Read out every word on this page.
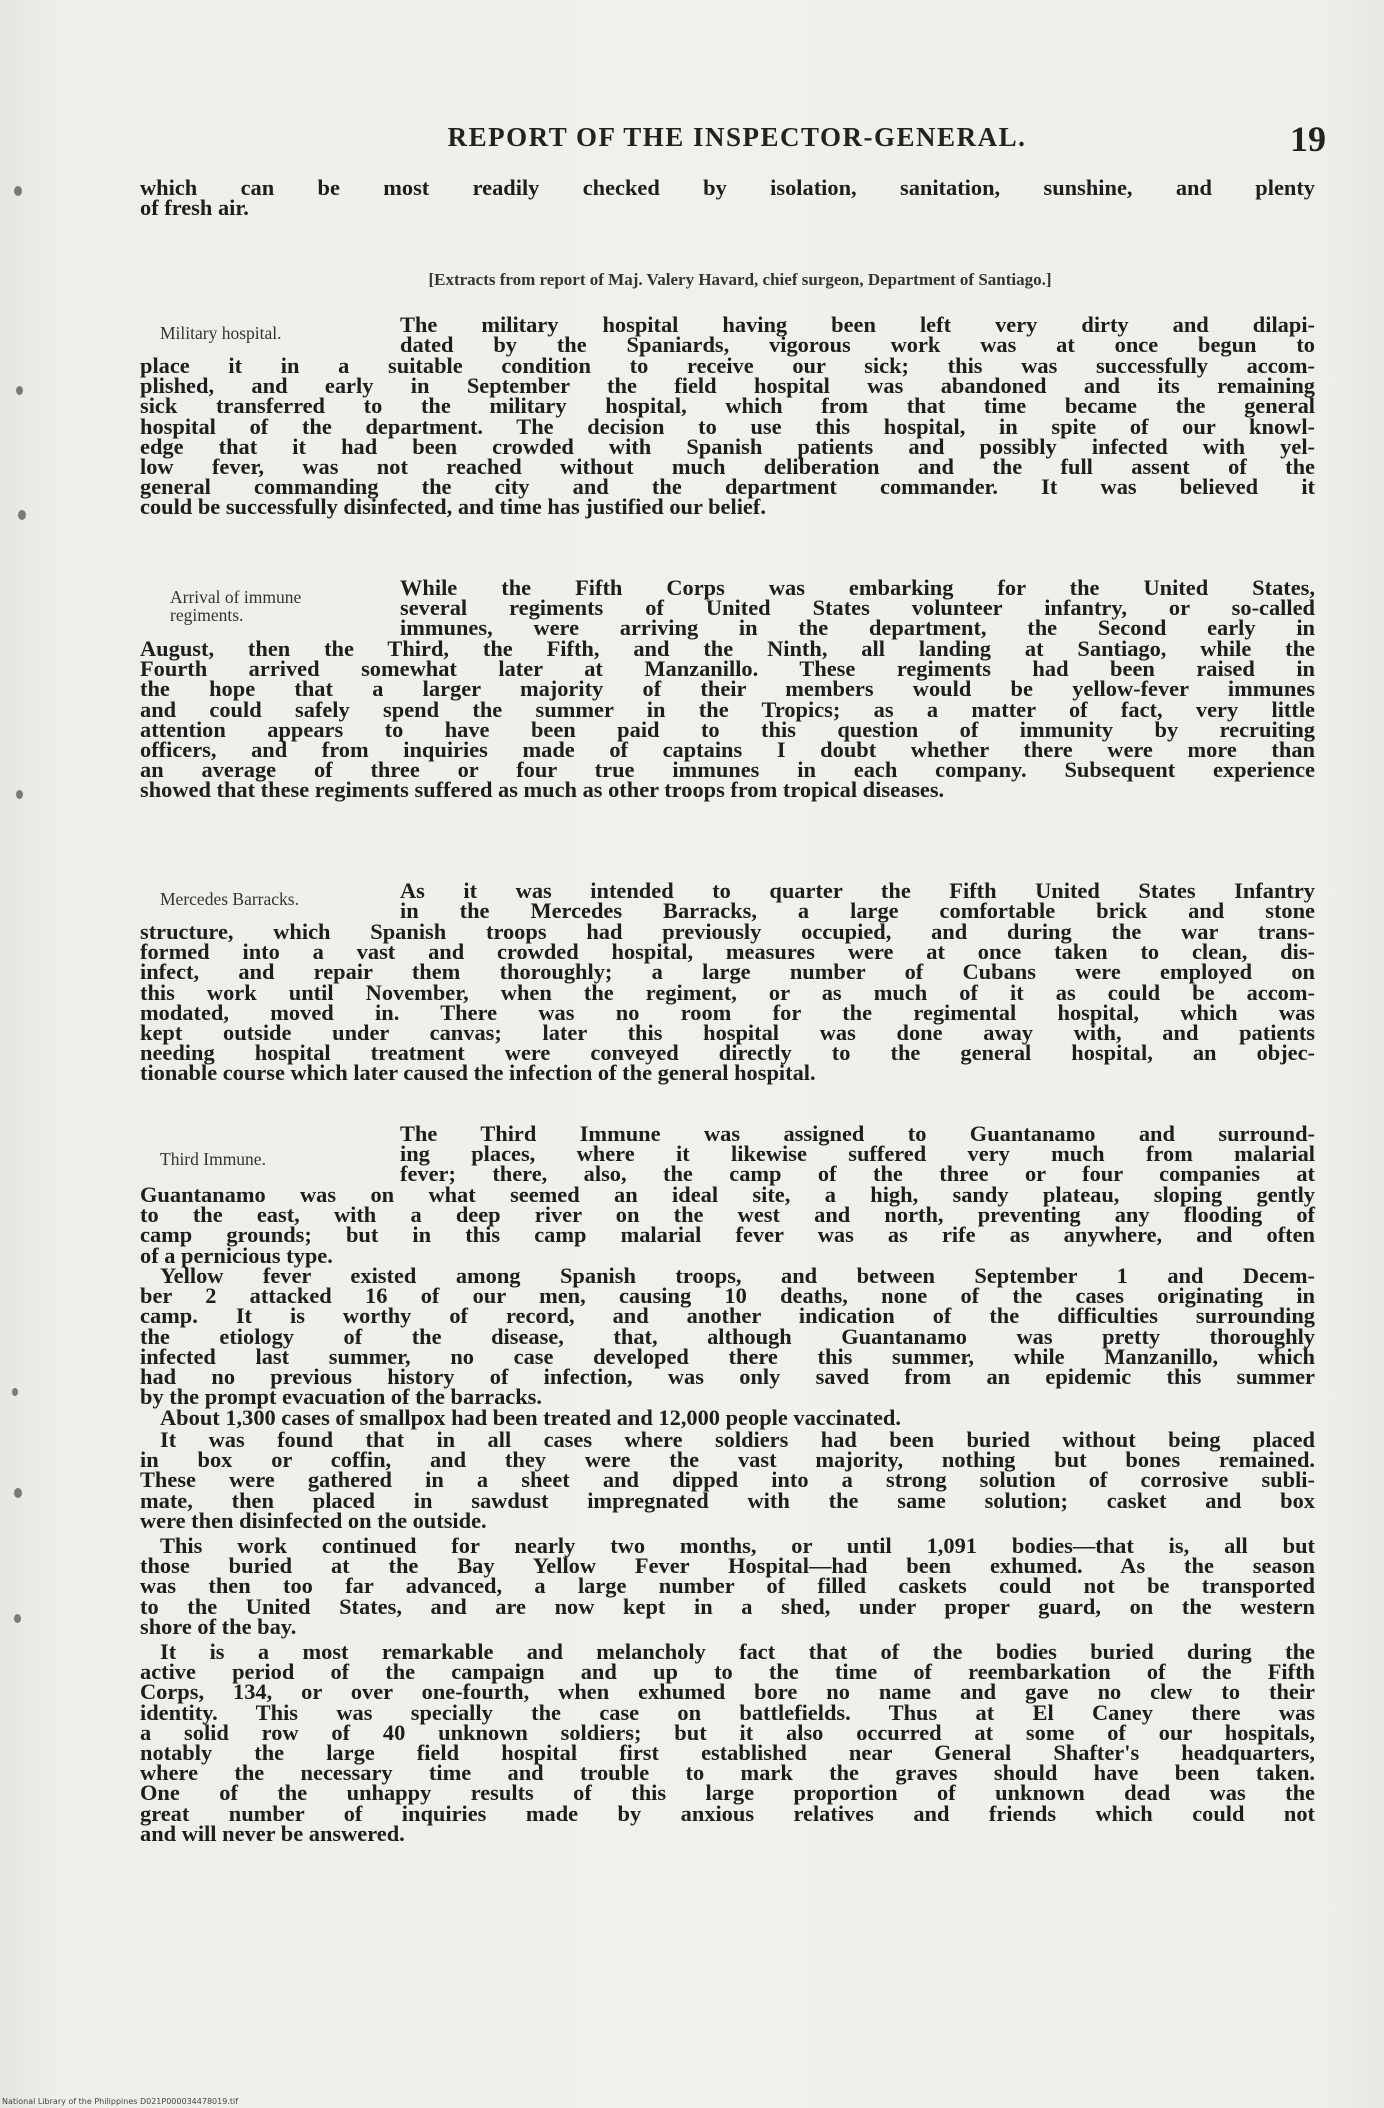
REPORT OF THE INSPECTOR-GENERAL.	19
which can be most readily checked by isolation, sanitation, sunshine, and plenty
of fresh air.
[Extracts from report of Maj. Valery Havard, chief surgeon, Department of Santiago.]
Military hospital.
Arrival of immune
regiments.
Mercedes Barracks.
Third Immune.
The military hospital having been left very dirty and dilapi-
dated by the Spaniards, vigorous work was at once begun to
place it in a suitable condition to receive our sick; this was successfully accom-
plished, and early in September the field hospital was abandoned and its remaining
sick transferred to the military hospital, which from that time became the general
hospital of the department. The decision to use this hospital, in spite of our knowl-
edge that it had been crowded with Spanish patients and possibly infected with yel-
low fever, was not reached without much deliberation and the full assent of the
general commanding the city and the department commander. It was believed it
could be successfully disinfected, and time has justified our belief.
While the Fifth Corps was embarking for the United States,
several regiments of United States volunteer infantry, or so-called
immunes, were arriving in the department, the Second early in
August, then the Third, the Fifth, and the Ninth, all landing at Santiago, while the
Fourth arrived somewhat later at Manzanillo. These regiments had been raised in
the hope that a larger majority of their members would be yellow-fever immunes
and could safely spend the summer in the Tropics; as a matter of fact, very little
attention appears to have been paid to this question of immunity by recruiting
officers, and from inquiries made of captains I doubt whether there were more than
an average of three or four true immunes in each company. Subsequent experience
showed that these regiments suffered as much as other troops from tropical diseases.
As it was intended to quarter the Fifth United States Infantry
in the Mercedes Barracks, a large comfortable brick and stone
structure, which Spanish troops had previously occupied, and during the war trans-
formed into a vast and crowded hospital, measures were at once taken to clean, dis-
infect, and repair them thoroughly; a large number of Cubans were employed on
this work until November, when the regiment, or as much of it as could be accom-
modated, moved in. There was no room for the regimental hospital, which was
kept outside under canvas; later this hospital was done away with, and patients
needing hospital treatment were conveyed directly to the general hospital, an objec-
tionable course which later caused the infection of the general hospital.
The Third Immune was assigned to Guantanamo and surround-
ing places, where it likewise suffered very much from malarial
fever; there, also, the camp of the three or four companies at
Guantanamo was on what seemed an ideal site, a high, sandy plateau, sloping gently
to the east, with a deep river on the west and north, preventing any flooding of
camp grounds; but in this camp malarial fever was as rife as anywhere, and often
of a pernicious type.
Yellow fever existed among Spanish troops, and between September 1 and Decem-
ber 2 attacked 16 of our men, causing 10 deaths, none of the cases originating in
camp. It is worthy of record, and another indication of the difficulties surrounding
the etiology of the disease, that, although Guantanamo was pretty thoroughly
infected last summer, no case developed there this summer, while Manzanillo, which
had no previous history of infection, was only saved from an epidemic this summer
by the prompt evacuation of the barracks.
About 1,300 cases of smallpox had been treated and 12,000 people vaccinated.
It was found that in all cases where soldiers had been buried without being placed
in box or coffin, and they were the vast majority, nothing but bones remained.
These were gathered in a sheet and dipped into a strong solution of corrosive subli-
mate, then placed in sawdust impregnated with the same solution; casket and box
were then disinfected on the outside.
This work continued for nearly two months, or until 1,091 bodies—that is, all but
those buried at the Bay Yellow Fever Hospital—had been exhumed. As the season
was then too far advanced, a large number of filled caskets could not be transported
to the United States, and are now kept in a shed, under proper guard, on the western
shore of the bay.
It is a most remarkable and melancholy fact that of the bodies buried during the
active period of the campaign and up to the time of reembarkation of the Fifth
Corps, 134, or over one-fourth, when exhumed bore no name and gave no clew to their
identity. This was specially the case on battlefields. Thus at El Caney there was
a solid row of 40 unknown soldiers; but it also occurred at some of our hospitals,
notably the large field hospital first established near General Shafter's headquarters,
where the necessary time and trouble to mark the graves should have been taken.
One of the unhappy results of this large proportion of unknown dead was the
great number of inquiries made by anxious relatives and friends which could not
and will never be answered.
National Library of the Philippines D021P000034478019.tif
